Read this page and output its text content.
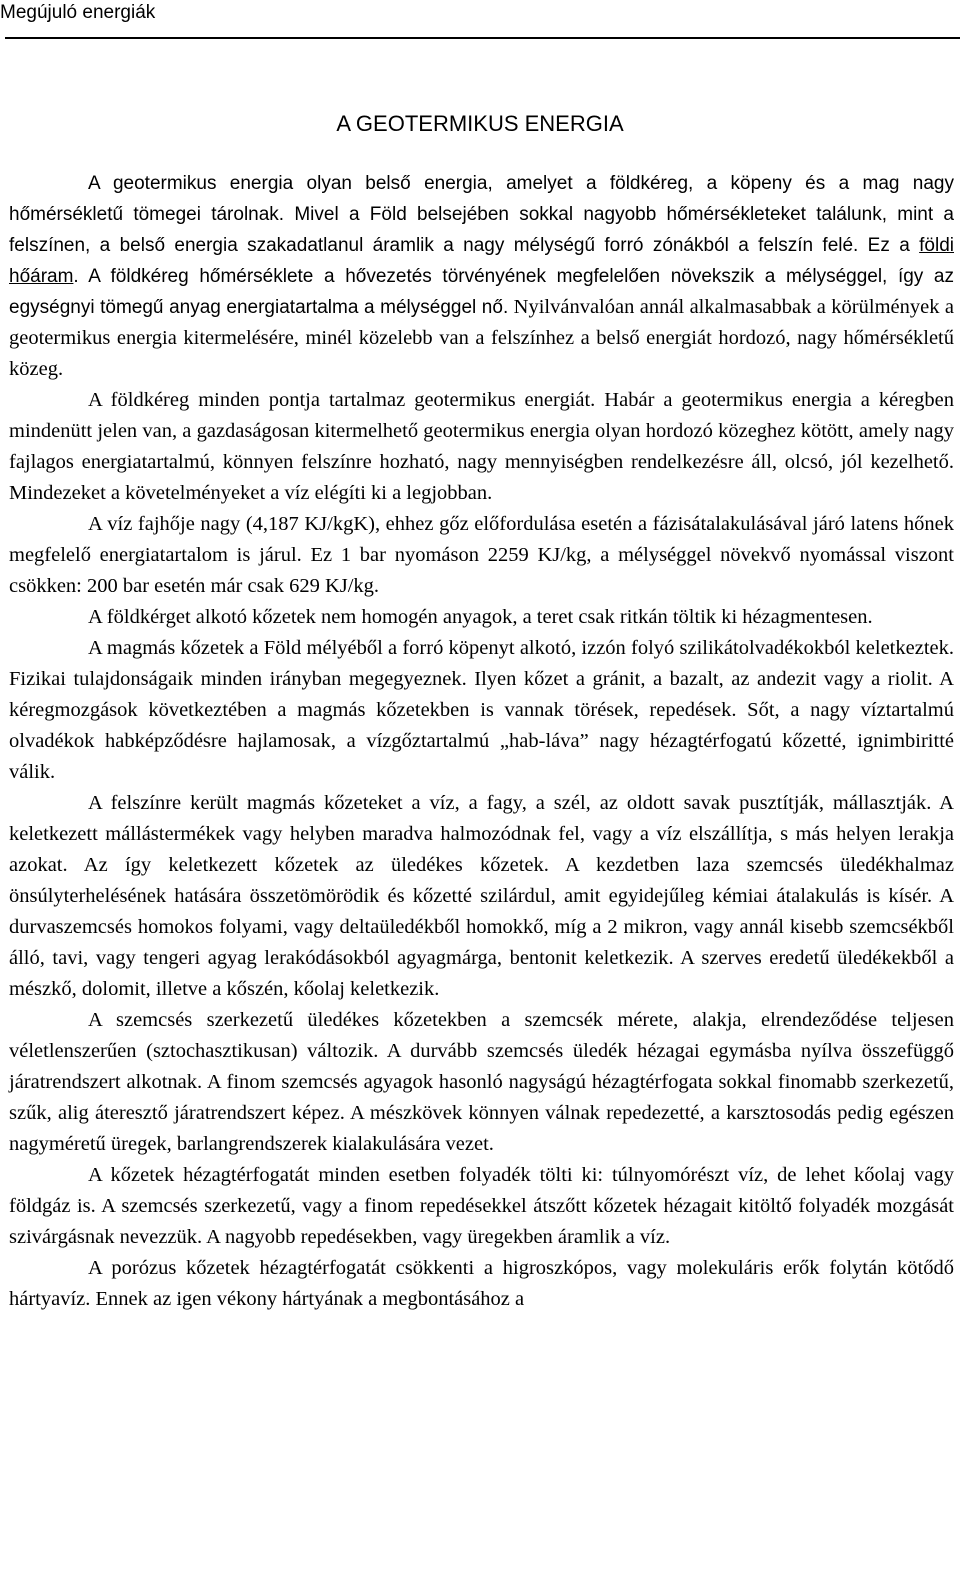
Megújuló energiák
A GEOTERMIKUS ENERGIA

A geotermikus energia olyan belső energia, amelyet a földkéreg, a köpeny és a mag nagy hőmérsékletű tömegei tárolnak. Mivel a Föld belsejében sokkal nagyobb hőmérsékleteket találunk, mint a felszínen, a belső energia szakadatlanul áramlik a nagy mélységű forró zónákból a felszín felé. Ez a földi hőáram. A földkéreg hőmérséklete a hővezetés törvényének megfelelően növekszik a mélységgel, így az egységnyi tömegű anyag energiatartalma a mélységgel nő. Nyilvánvalóan annál alkalmasabbak a körülmények a geotermikus energia kitermelésére, minél közelebb van a felszínhez a belső energiát hordozó, nagy hőmérsékletű közeg.

A földkéreg minden pontja tartalmaz geotermikus energiát. Habár a geotermikus energia a kéregben mindenütt jelen van, a gazdaságosan kitermelhető geotermikus energia olyan hordozó közeghez kötött, amely nagy fajlagos energiatartalmú, könnyen felszínre hozható, nagy mennyiségben rendelkezésre áll, olcsó, jól kezelhető. Mindezeket a követelményeket a víz elégíti ki a legjobban.

A víz fajhője nagy (4,187 KJ/kgK), ehhez gőz előfordulása esetén a fázisátalakulásával járó latens hőnek megfelelő energiatartalom is járul. Ez 1 bar nyomáson 2259 KJ/kg, a mélységgel növekvő nyomással viszont csökken: 200 bar esetén már csak 629 KJ/kg.

A földkérget alkotó kőzetek nem homogén anyagok, a teret csak ritkán töltik ki hézagmentesen.

A magmás kőzetek a Föld mélyéből a forró köpenyt alkotó, izzón folyó szilikátolvadékokból keletkeztek. Fizikai tulajdonságaik minden irányban megegyeznek. Ilyen kőzet a gránit, a bazalt, az andezit vagy a riolit. A kéregmozgások következtében a magmás kőzetekben is vannak törések, repedések. Sőt, a nagy víztartalmú olvadékok habképződésre hajlamosak, a vízgőztartalmú „hab-láva” nagy hézagtérfogatú kőzetté, ignimbiritté válik.

A felszínre került magmás kőzeteket a víz, a fagy, a szél, az oldott savak pusztítják, mállasztják. A keletkezett mállástermékek vagy helyben maradva halmozódnak fel, vagy a víz elszállítja, s más helyen lerakja azokat. Az így keletkezett kőzetek az üledékes kőzetek. A kezdetben laza szemcsés üledékhalmaz önsúlyterhelésének hatására összetömörödik és kőzetté szilárdul, amit egyidejűleg kémiai átalakulás is kísér. A durvaszemcsés homokos folyami, vagy deltaüledékből homokkő, míg a 2 mikron, vagy annál kisebb szemcsékből álló, tavi, vagy tengeri agyag lerakódásokból agyagmárga, bentonit keletkezik. A szerves eredetű üledékekből a mészkő, dolomit, illetve a kőszén, kőolaj keletkezik.

A szemcsés szerkezetű üledékes kőzetekben a szemcsék mérete, alakja, elrendeződése teljesen véletlenszerűen (sztochasztikusan) változik. A durvább szemcsés üledék hézagai egymásba nyílva összefüggő járatrendszert alkotnak. A finom szemcsés agyagok hasonló nagyságú hézagtérfogata sokkal finomabb szerkezetű, szűk, alig áteresztő járatrendszert képez. A mészkövek könnyen válnak repedezetté, a karsztosodás pedig egészen nagyméretű üregek, barlangrendszerek kialakulására vezet.

A kőzetek hézagtérfogatát minden esetben folyadék tölti ki: túlnyomórészt víz, de lehet kőolaj vagy földgáz is. A szemcsés szerkezetű, vagy a finom repedésekkel átszőtt kőzetek hézagait kitöltő folyadék mozgását szivárgásnak nevezzük. A nagyobb repedésekben, vagy üregekben áramlik a víz.

A porózus kőzetek hézagtérfogatát csökkenti a higroszkópos, vagy molekuláris erők folytán kötődő hártyavíz. Ennek az igen vékony hártyának a megbontásához a
